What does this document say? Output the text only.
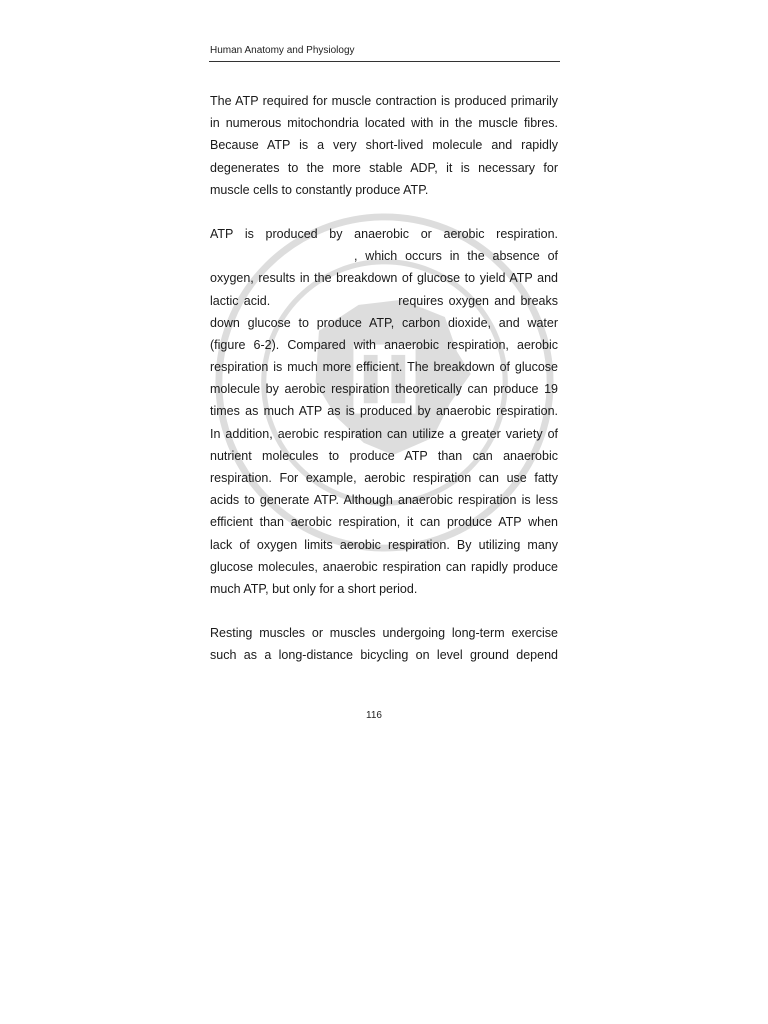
Human Anatomy and Physiology
The ATP required for muscle contraction is produced primarily
in numerous mitochondria located with in the muscle fibres.
Because ATP is a very short-lived molecule and rapidly
degenerates to the more stable ADP, it is necessary for
muscle cells to constantly produce ATP.
ATP is produced by anaerobic or aerobic respiration.
, which occurs in the absence of
oxygen, results in the breakdown of glucose to yield ATP and
lactic acid.	requires oxygen and breaks
down glucose to produce ATP, carbon dioxide, and water
(figure 6-2). Compared with anaerobic respiration, aerobic
respiration is much more efficient. The breakdown of glucose
molecule by aerobic respiration theoretically can produce 19
times as much ATP as is produced by anaerobic respiration.
In addition, aerobic respiration can utilize a greater variety of
nutrient molecules to produce ATP than can anaerobic
respiration. For example, aerobic respiration can use fatty
acids to generate ATP. Although anaerobic respiration is less
efficient than aerobic respiration, it can produce ATP when
lack of oxygen limits aerobic respiration. By utilizing many
glucose molecules, anaerobic respiration can rapidly produce
much ATP, but only for a short period.
Resting muscles or muscles undergoing long-term exercise
such as a long-distance bicycling on level ground depend
116
